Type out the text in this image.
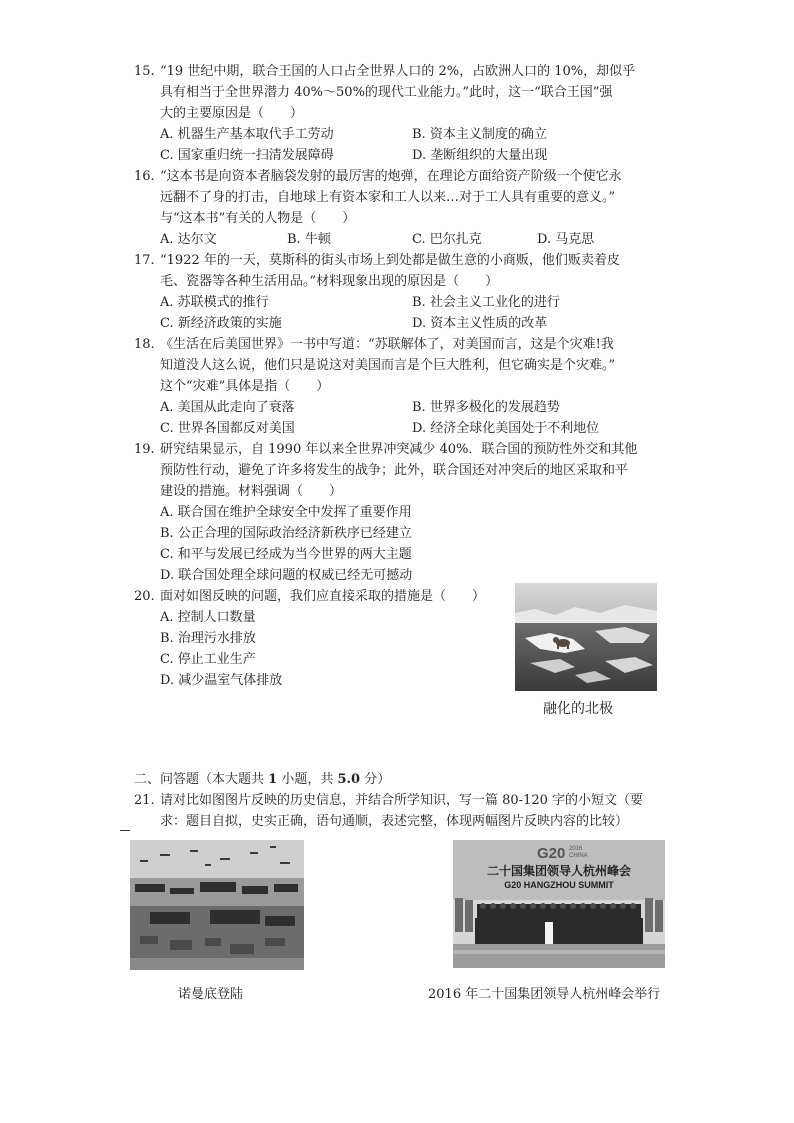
15. “19 世纪中期，联合王国的人口占全世界人口的 2%，占欧洲人口的 10%，却似乎
具有相当于全世界潜力 40%～50%的现代工业能力。”此时，这一“联合王国”强
大的主要原因是（　　）
A. 机器生产基本取代手工劳动	B. 资本主义制度的确立
C. 国家重归统一扫清发展障碍	D. 垄断组织的大量出现
16. “这本书是向资本者脑袋发射的最厉害的炮弹，在理论方面给资产阶级一个使它永
远翻不了身的打击，自地球上有资本家和工人以来…对于工人具有重要的意义。”
与“这本书”有关的人物是（　　）
A. 达尔文	B. 牛顿	C. 巴尔扎克	D. 马克思
17. “1922 年的一天，莫斯科的街头市场上到处都是做生意的小商贩，他们贩卖着皮
毛、瓷器等各种生活用品。”材料现象出现的原因是（　　）
A. 苏联模式的推行	B. 社会主义工业化的进行
C. 新经济政策的实施	D. 资本主义性质的改革
18. 《生活在后美国世界》一书中写道：“苏联解体了，对美国而言，这是个灾难!我
知道没人这么说，他们只是说这对美国而言是个巨大胜利，但它确实是个灾难。”
这个“灾难”具体是指（　　）
A. 美国从此走向了衰落	B. 世界多极化的发展趋势
C. 世界各国都反对美国	D. 经济全球化美国处于不利地位
19. 研究结果显示，自 1990 年以来全世界冲突减少 40%．联合国的预防性外交和其他
预防性行动，避免了许多将发生的战争；此外，联合国还对冲突后的地区采取和平
建设的措施。材料强调（　　）
A. 联合国在维护全球安全中发挥了重要作用
B. 公正合理的国际政治经济新秩序已经建立
C. 和平与发展已经成为当今世界的两大主题
D. 联合国处理全球问题的权威已经无可撼动
20. 面对如图反映的问题，我们应直接采取的措施是（　　）
A. 控制人口数量
B. 治理污水排放
C. 停止工业生产
D. 减少温室气体排放
融化的北极
二、问答题（本大题共 1 小题，共 5.0 分）
21. 请对比如图图片反映的历史信息，并结合所学知识，写一篇 80-120 字的小短文（要
求：题目自拟，史实正确，语句通顺，表述完整，体现两幅图片反映内容的比较）
诺曼底登陆
G20 2016
CHINA
二十国集团领导人杭州峰会
G20 HANGZHOU SUMMIT
2016 年二十国集团领导人杭州峰会举行
